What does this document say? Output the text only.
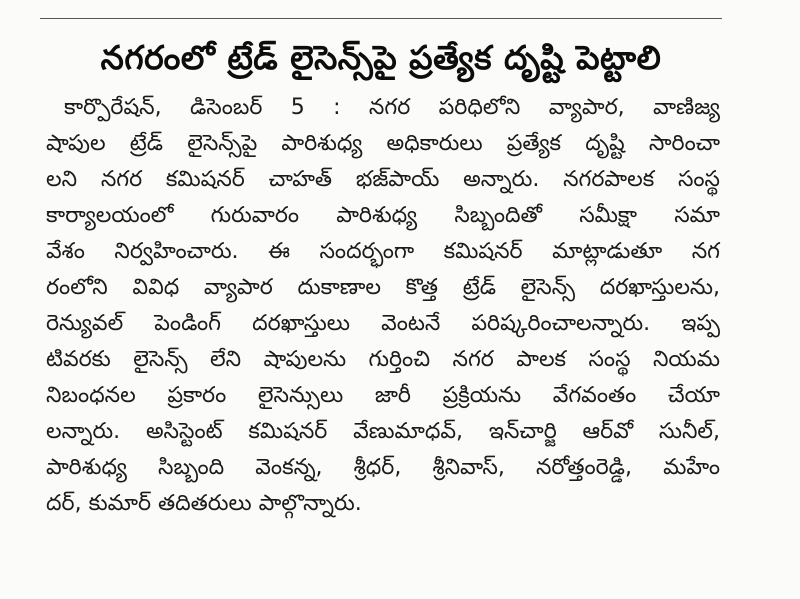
నగరంలో ట్రేడ్ లైసెన్స్‌పై ప్రత్యేక దృష్టి పెట్టాలి
కార్పొరేషన్, డిసెంబర్ 5 : నగర పరిధిలోని వ్యాపార, వాణిజ్య
షాపుల ట్రేడ్ లైసెన్స్‌పై పారిశుధ్య అధికారులు ప్రత్యేక దృష్టి సారించా
లని నగర కమిషనర్ చాహత్ భజ్‌పాయ్ అన్నారు. నగరపాలక సంస్థ
కార్యాలయంలో గురువారం పారిశుధ్య సిబ్బందితో సమీక్షా సమా
వేశం నిర్వహించారు. ఈ సందర్భంగా కమిషనర్ మాట్లాడుతూ నగ
రంలోని వివిధ వ్యాపార దుకాణాల కొత్త ట్రేడ్ లైసెన్స్ దరఖాస్తులను,
రెన్యువల్ పెండింగ్ దరఖాస్తులు వెంటనే పరిష్కరించాలన్నారు. ఇప్ప
టివరకు లైసెన్స్ లేని షాపులను గుర్తించి నగర పాలక సంస్థ నియమ
నిబంధనల ప్రకారం లైసెన్సులు జారీ ప్రక్రియను వేగవంతం చేయా
లన్నారు. అసిస్టెంట్ కమిషనర్ వేణుమాధవ్, ఇన్‌చార్జి ఆర్‌వో సునీల్,
పారిశుధ్య సిబ్బంది వెంకన్న, శ్రీధర్, శ్రీనివాస్, నరోత్తంరెడ్డి, మహేం
దర్, కుమార్ తదితరులు పాల్గొన్నారు.
